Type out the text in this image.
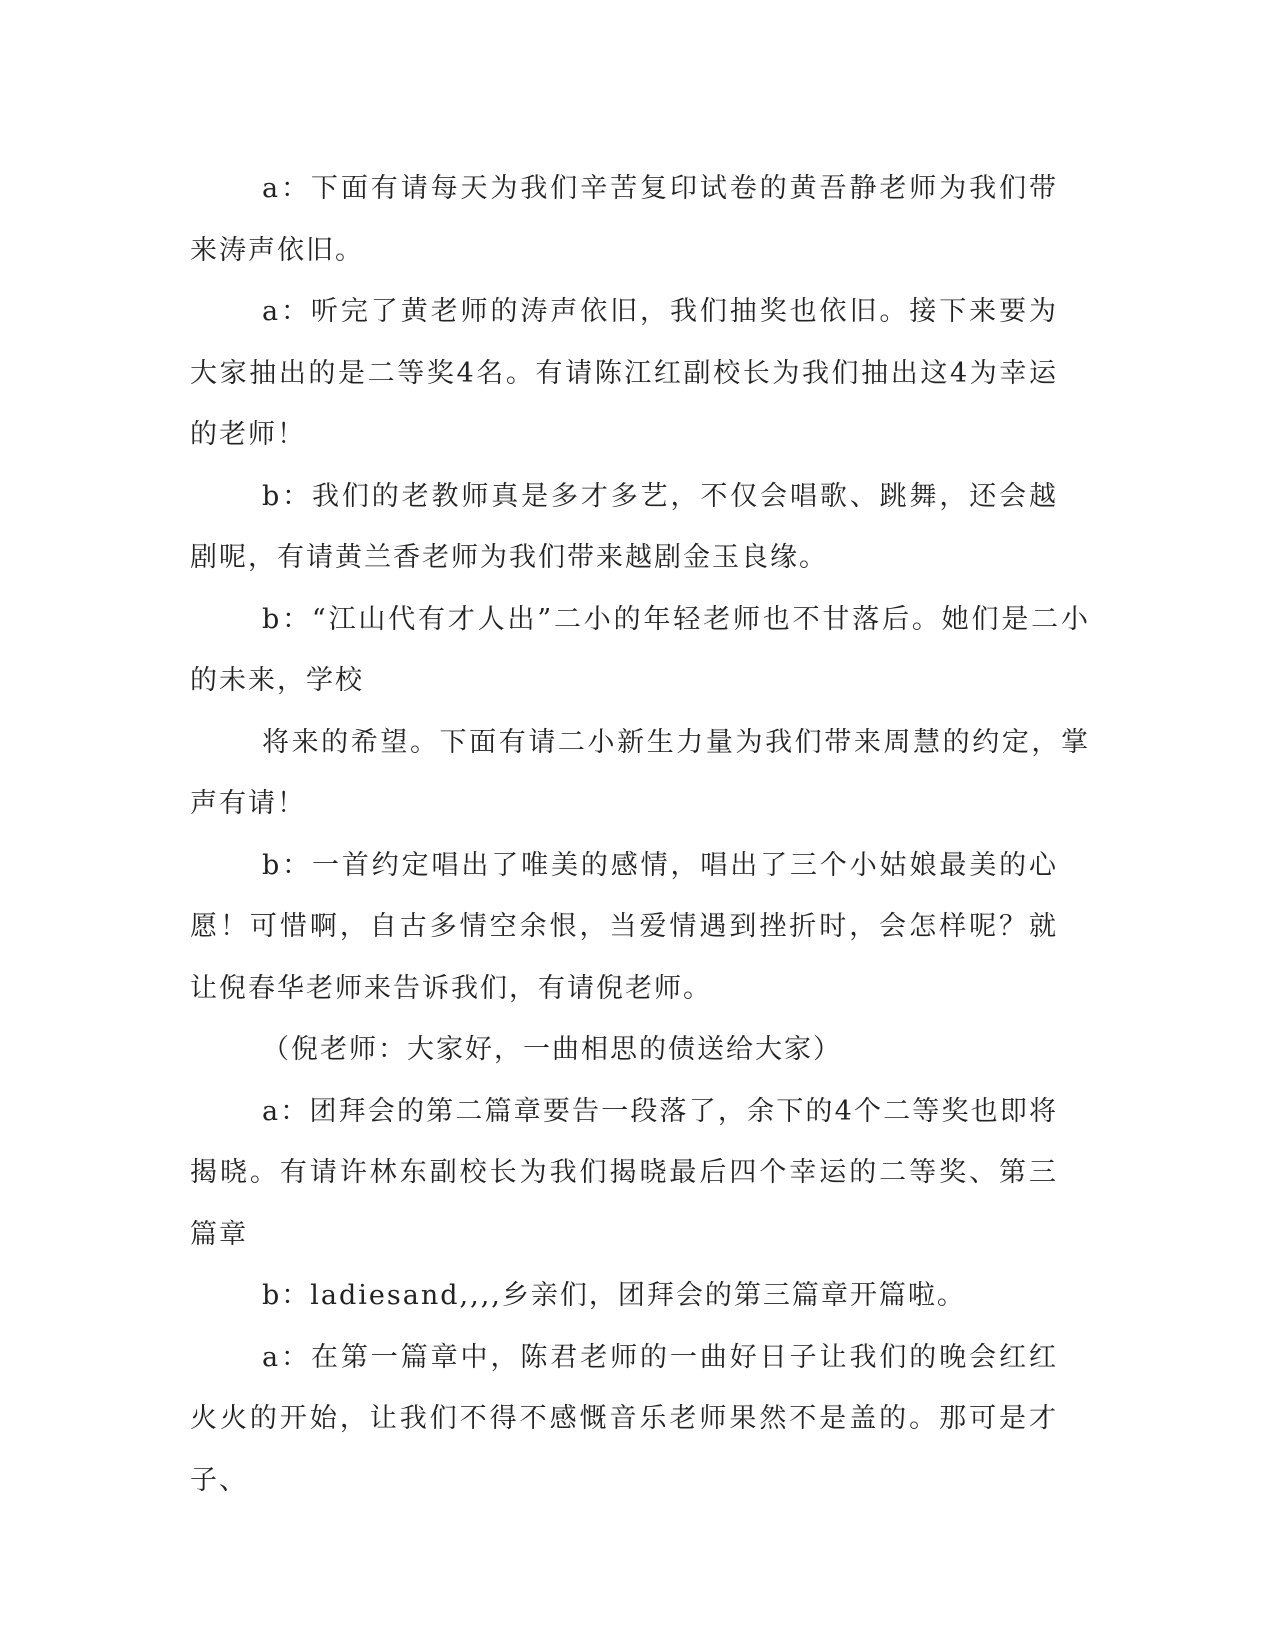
a：下面有请每天为我们辛苦复印试卷的黄吾静老师为我们带来涛声依旧。

a：听完了黄老师的涛声依旧，我们抽奖也依旧。接下来要为大家抽出的是二等奖4名。有请陈江红副校长为我们抽出这4为幸运的老师！

b：我们的老教师真是多才多艺，不仅会唱歌、跳舞，还会越剧呢，有请黄兰香老师为我们带来越剧金玉良缘。

b：“江山代有才人出”二小的年轻老师也不甘落后。她们是二小的未来，学校

将来的希望。下面有请二小新生力量为我们带来周慧的约定，掌声有请！

b：一首约定唱出了唯美的感情，唱出了三个小姑娘最美的心愿！可惜啊，自古多情空余恨，当爱情遇到挫折时，会怎样呢？就让倪春华老师来告诉我们，有请倪老师。

（倪老师：大家好，一曲相思的债送给大家）

a：团拜会的第二篇章要告一段落了，余下的4个二等奖也即将揭晓。有请许林东副校长为我们揭晓最后四个幸运的二等奖、第三篇章

b：ladiesand,,,,乡亲们，团拜会的第三篇章开篇啦。

a：在第一篇章中，陈君老师的一曲好日子让我们的晚会红红火火的开始，让我们不得不感慨音乐老师果然不是盖的。那可是才子、
